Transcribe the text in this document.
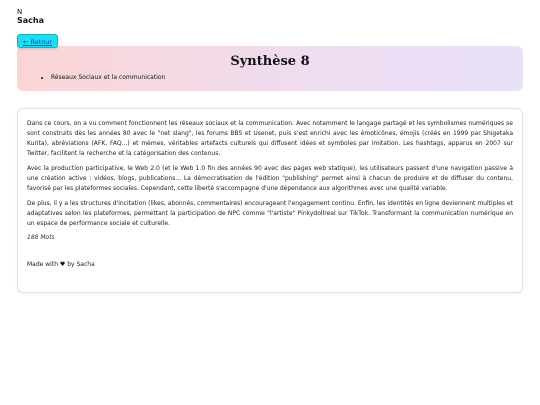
N
Sacha
Synthèse 8
• Réseaux Sociaux et la communication
← Retour

Dans ce cours, on a vu comment fonctionnent les réseaux sociaux et la communication. Avec notamment le langage partagé et les symbolismes numériques se sont construits dès les années 80 avec le "net slang", les forums BBS et Usenet, puis s'est enrichi avec les émoticônes, émojis (créés en 1999 par Shigetaka Kurita), abréviations (AFK, FAQ...) et mèmes, véritables artefacts culturels qui diffusent idées et symboles par imitation. Les hashtags, apparus en 2007 sur Twitter, facilitent la recherche et la catégorisation des contenus.

Avec la production participative, le Web 2.0 (et le Web 1.0 fin des années 90 avec des pages web statique), les utilisateurs passent d'une navigation passive à une création active : vidéos, blogs, publications... La démocratisation de l'édition "publishing" permet ainsi à chacun de produire et de diffuser du contenu, favorisé par les plateformes sociales. Cependant, cette liberté s'accompagne d'une dépendance aux algorithmes avec une qualité variable.

De plus, il y a les structures d'incitation (likes, abonnés, commentaires) encourageant l'engagement continu. Enfin, les identités en ligne deviennent multiples et adaptatives selon les plateformes, permettant la participation de NPC comme "l'artiste" Pinkydollreal sur TikTok. Transformant la communication numérique en un espace de performance sociale et culturelle.

188 Mots
Made with ♥ by Sacha
